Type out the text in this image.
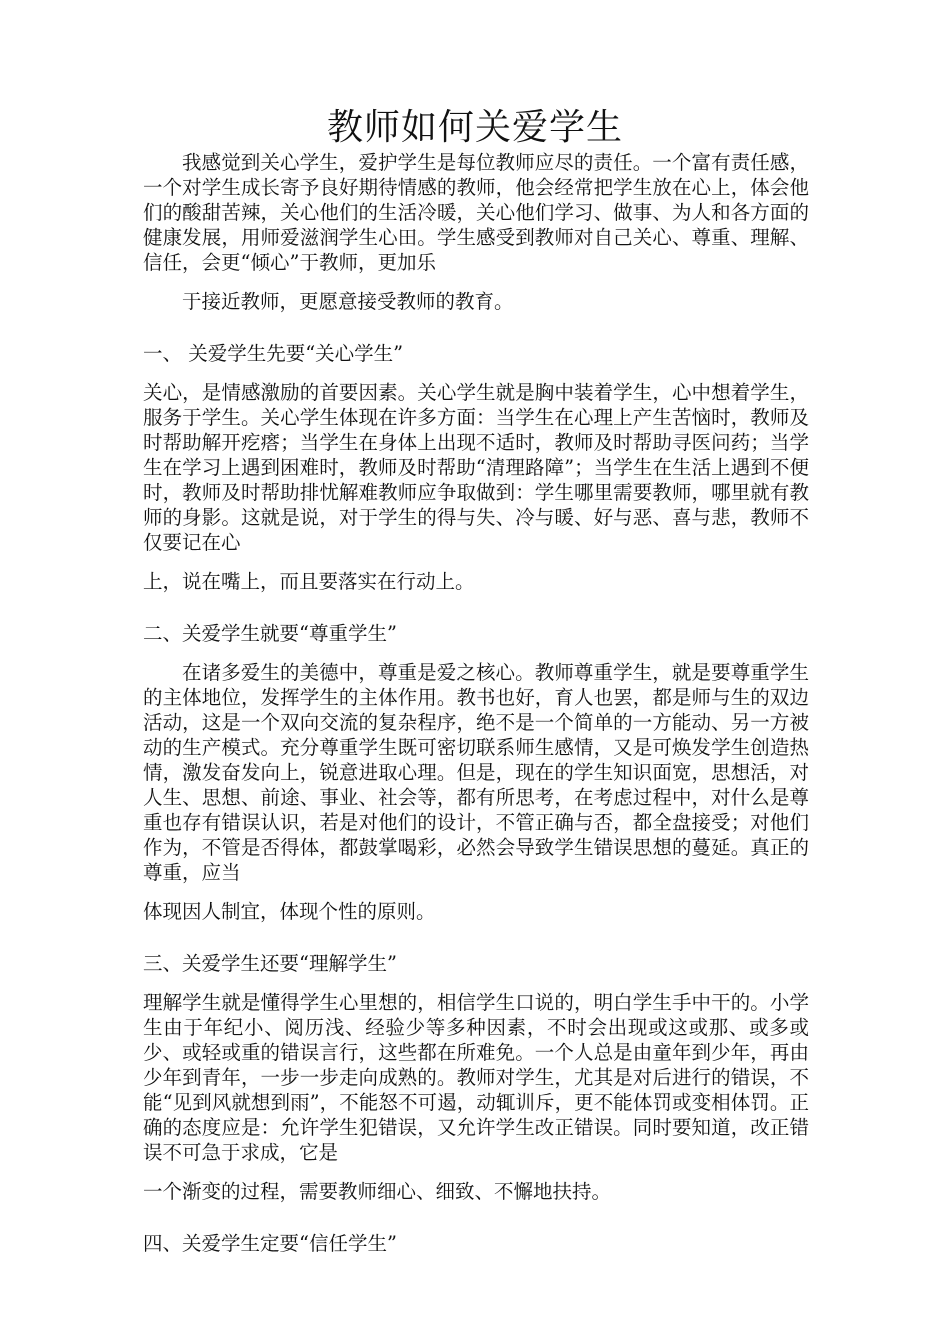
教师如何关爱学生

我感觉到关心学生，爱护学生是每位教师应尽的责任。一个富有责任感，一个对学生成长寄予良好期待情感的教师，他会经常把学生放在心上，体会他们的酸甜苦辣，关心他们的生活冷暖，关心他们学习、做事、为人和各方面的健康发展，用师爱滋润学生心田。学生感受到教师对自己关心、尊重、理解、信任，会更“倾心”于教师，更加乐
于接近教师，更愿意接受教师的教育。

一、 关爱学生先要“关心学生”

关心，是情感激励的首要因素。关心学生就是胸中装着学生，心中想着学生，服务于学生。关心学生体现在许多方面：当学生在心理上产生苦恼时，教师及时帮助解开疙瘩；当学生在身体上出现不适时，教师及时帮助寻医问药；当学生在学习上遇到困难时，教师及时帮助“清理路障”；当学生在生活上遇到不便时，教师及时帮助排忧解难教师应争取做到：学生哪里需要教师，哪里就有教师的身影。这就是说，对于学生的得与失、冷与暖、好与恶、喜与悲，教师不仅要记在心
上，说在嘴上，而且要落实在行动上。

二、关爱学生就要“尊重学生”

在诸多爱生的美德中，尊重是爱之核心。教师尊重学生，就是要尊重学生的主体地位，发挥学生的主体作用。教书也好，育人也罢，都是师与生的双边活动，这是一个双向交流的复杂程序，绝不是一个简单的一方能动、另一方被动的生产模式。充分尊重学生既可密切联系师生感情，又是可焕发学生创造热情，激发奋发向上，锐意进取心理。但是，现在的学生知识面宽，思想活，对人生、思想、前途、事业、社会等，都有所思考，在考虑过程中，对什么是尊重也存有错误认识，若是对他们的设计，不管正确与否，都全盘接受；对他们作为，不管是否得体，都鼓掌喝彩，必然会导致学生错误思想的蔓延。真正的尊重，应当
体现因人制宜，体现个性的原则。

三、关爱学生还要“理解学生”

理解学生就是懂得学生心里想的，相信学生口说的，明白学生手中干的。小学生由于年纪小、阅历浅、经验少等多种因素，不时会出现或这或那、或多或少、或轻或重的错误言行，这些都在所难免。一个人总是由童年到少年，再由少年到青年，一步一步走向成熟的。教师对学生，尤其是对后进行的错误，不能“见到风就想到雨”，不能怒不可遏，动辄训斥，更不能体罚或变相体罚。正确的态度应是：允许学生犯错误，又允许学生改正错误。同时要知道，改正错误不可急于求成，它是
一个渐变的过程，需要教师细心、细致、不懈地扶持。

四、关爱学生定要“信任学生”
